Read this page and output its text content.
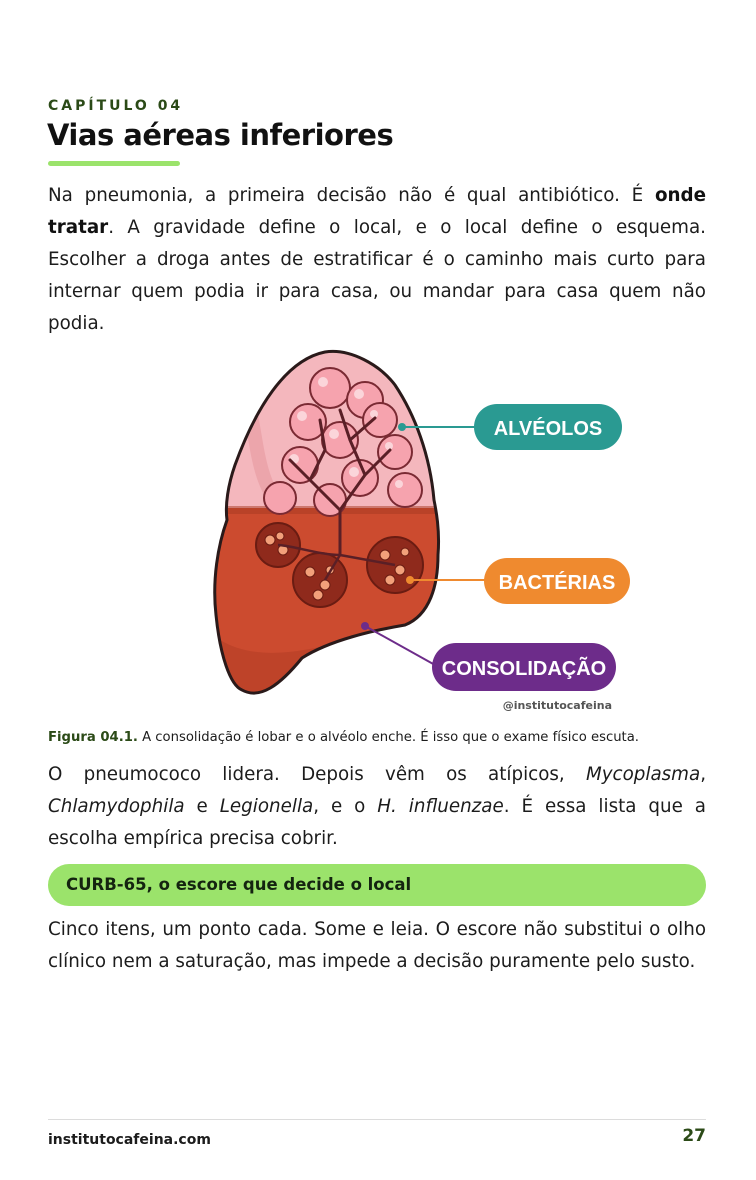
CAPÍTULO 04
Vias aéreas inferiores

Na pneumonia, a primeira decisão não é qual antibiótico. É onde tratar. A gravidade define o local, e o local define o esquema. Escolher a droga antes de estratificar é o caminho mais curto para internar quem podia ir para casa, ou mandar para casa quem não podia.

ALVÉOLOS
BACTÉRIAS
CONSOLIDAÇÃO
@institutocafeina
Figura 04.1. A consolidação é lobar e o alvéolo enche. É isso que o exame físico escuta.

O pneumococo lidera. Depois vêm os atípicos, Mycoplasma, Chlamydophila e Legionella, e o H. influenzae. É essa lista que a escolha empírica precisa cobrir.

CURB-65, o escore que decide o local

Cinco itens, um ponto cada. Some e leia. O escore não substitui o olho clínico nem a saturação, mas impede a decisão puramente pelo susto.

institutocafeina.com	27
